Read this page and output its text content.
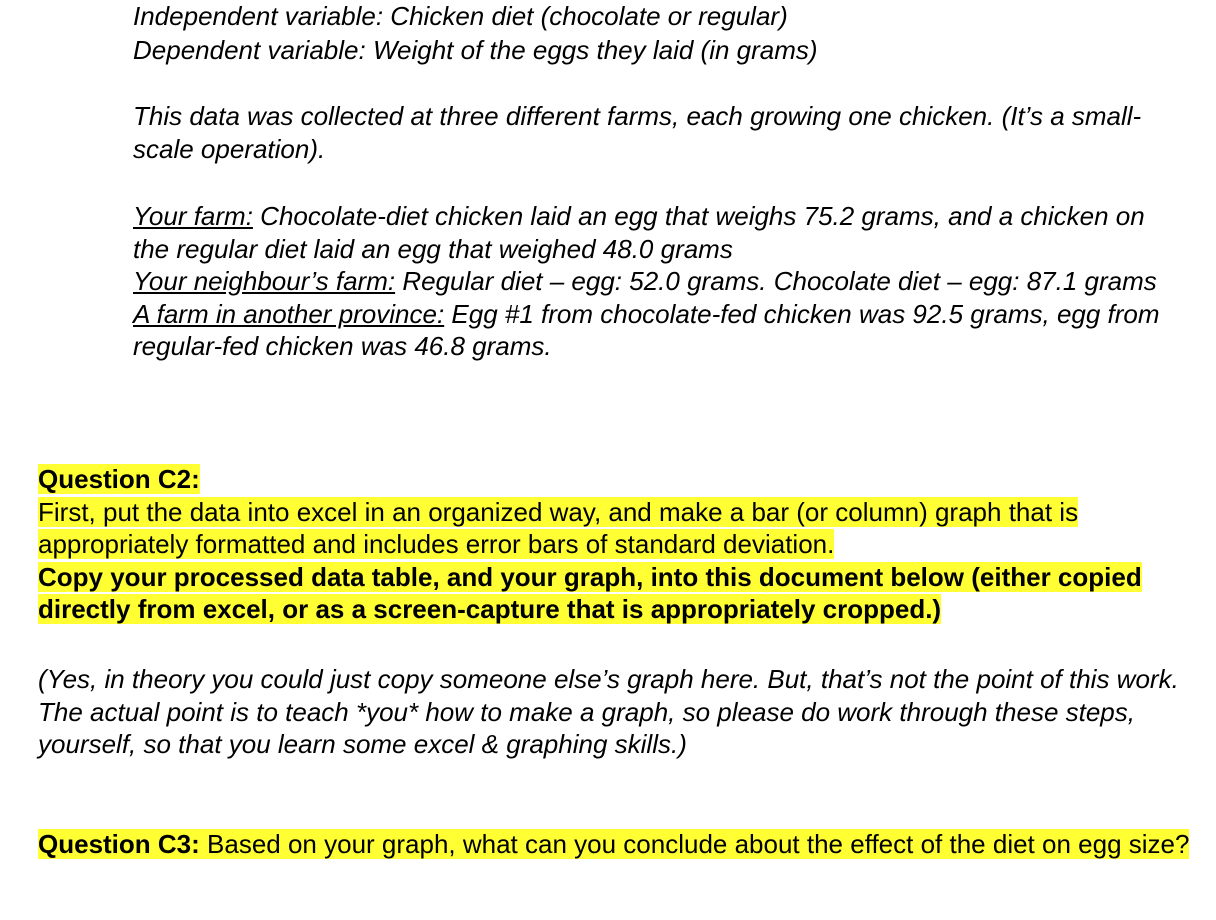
Independent variable: Chicken diet (chocolate or regular)

Dependent variable: Weight of the eggs they laid (in grams)

This data was collected at three different farms, each growing one chicken. (It’s a small-scale operation).

Your farm: Chocolate-diet chicken laid an egg that weighs 75.2 grams, and a chicken on the regular diet laid an egg that weighed 48.0 grams

Your neighbour’s farm: Regular diet – egg: 52.0 grams. Chocolate diet – egg: 87.1 grams

A farm in another province: Egg #1 from chocolate-fed chicken was 92.5 grams, egg from regular-fed chicken was 46.8 grams.

Question C2:

First, put the data into excel in an organized way, and make a bar (or column) graph that is appropriately formatted and includes error bars of standard deviation.

Copy your processed data table, and your graph, into this document below (either copied directly from excel, or as a screen-capture that is appropriately cropped.)

(Yes, in theory you could just copy someone else’s graph here. But, that’s not the point of this work. The actual point is to teach *you* how to make a graph, so please do work through these steps, yourself, so that you learn some excel & graphing skills.)

Question C3: Based on your graph, what can you conclude about the effect of the diet on egg size?
